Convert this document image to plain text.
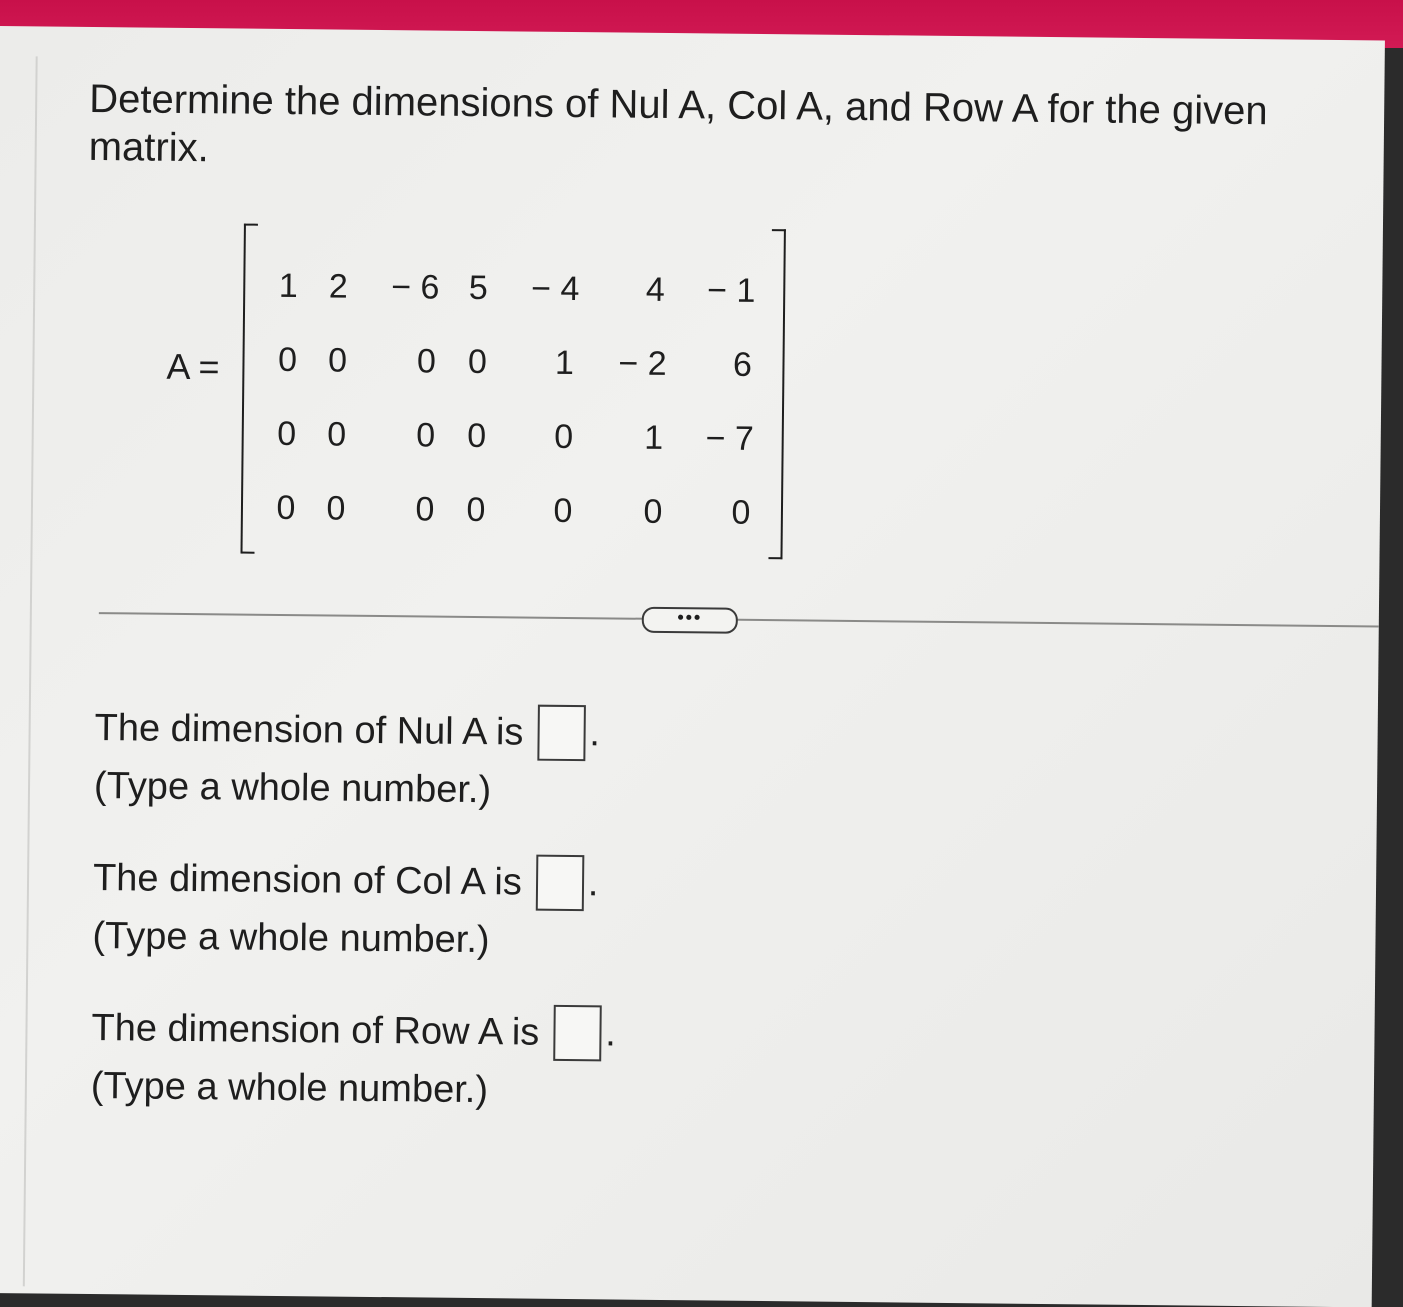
Determine the dimensions of Nul A, Col A, and Row A for the given matrix.

A =
1 2 − 6 5 − 4 4 − 1
0 0 0 0 1 − 2 6
0 0 0 0 0 1 − 7
0 0 0 0 0 0 0
•••
The dimension of Nul A is .
(Type a whole number.)
The dimension of Col A is .
(Type a whole number.)
The dimension of Row A is .
(Type a whole number.)
